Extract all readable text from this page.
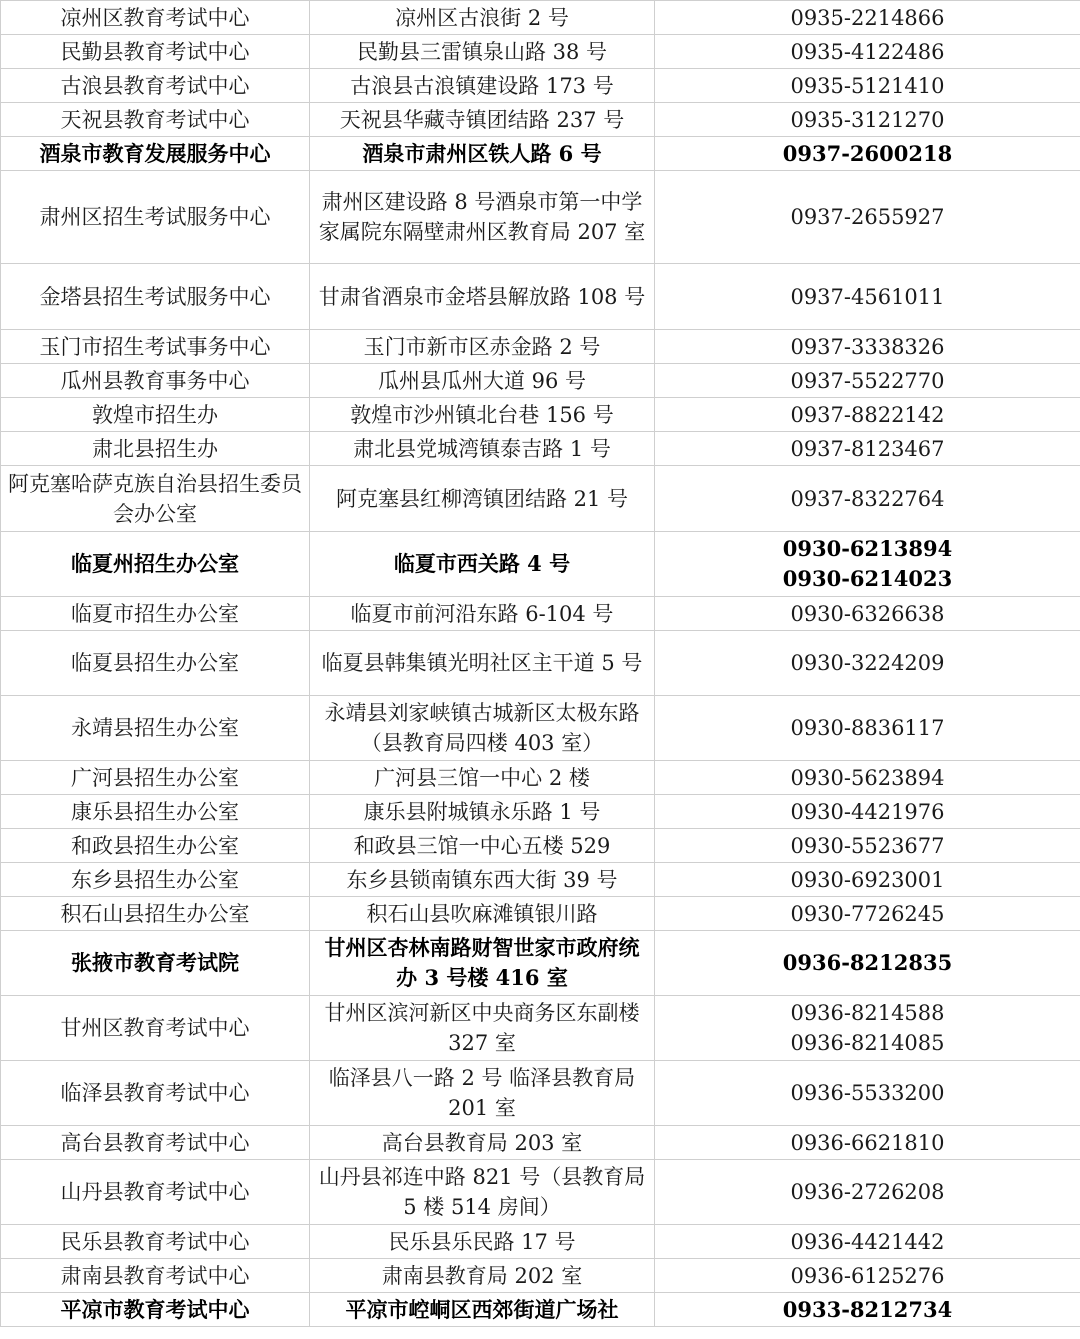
凉州区教育考试中心	凉州区古浪街 2 号	0935-2214866

民勤县教育考试中心	民勤县三雷镇泉山路 38 号	0935-4122486

古浪县教育考试中心	古浪县古浪镇建设路 173 号	0935-5121410

天祝县教育考试中心	天祝县华藏寺镇团结路 237 号	0935-3121270

酒泉市教育发展服务中心	酒泉市肃州区铁人路 6 号	0937-2600218

肃州区招生考试服务中心	肃州区建设路 8 号酒泉市第一中学家属院东隔壁肃州区教育局 207 室	0937-2655927

金塔县招生考试服务中心	甘肃省酒泉市金塔县解放路 108 号	0937-4561011

玉门市招生考试事务中心	玉门市新市区赤金路 2 号	0937-3338326

瓜州县教育事务中心	瓜州县瓜州大道 96 号	0937-5522770

敦煌市招生办	敦煌市沙州镇北台巷 156 号	0937-8822142

肃北县招生办	肃北县党城湾镇泰吉路 1 号	0937-8123467

阿克塞哈萨克族自治县招生委员会办公室	阿克塞县红柳湾镇团结路 21 号	0937-8322764

临夏州招生办公室	临夏市西关路 4 号	0930-6213894
0930-6214023

临夏市招生办公室	临夏市前河沿东路 6-104 号	0930-6326638

临夏县招生办公室	临夏县韩集镇光明社区主干道 5 号	0930-3224209

永靖县招生办公室	永靖县刘家峡镇古城新区太极东路（县教育局四楼 403 室）	0930-8836117

广河县招生办公室	广河县三馆一中心 2 楼	0930-5623894

康乐县招生办公室	康乐县附城镇永乐路 1 号	0930-4421976

和政县招生办公室	和政县三馆一中心五楼 529	0930-5523677

东乡县招生办公室	东乡县锁南镇东西大街 39 号	0930-6923001

积石山县招生办公室	积石山县吹麻滩镇银川路	0930-7726245

张掖市教育考试院	甘州区杏林南路财智世家市政府统办 3 号楼 416 室	0936-8212835

甘州区教育考试中心	甘州区滨河新区中央商务区东副楼 327 室	0936-8214588
0936-8214085

临泽县教育考试中心	临泽县八一路 2 号 临泽县教育局 201 室	0936-5533200

高台县教育考试中心	高台县教育局 203 室	0936-6621810

山丹县教育考试中心	山丹县祁连中路 821 号（县教育局 5 楼 514 房间）	0936-2726208

民乐县教育考试中心	民乐县乐民路 17 号	0936-4421442

肃南县教育考试中心	肃南县教育局 202 室	0936-6125276

平凉市教育考试中心	平凉市崆峒区西郊街道广场社	0933-8212734
